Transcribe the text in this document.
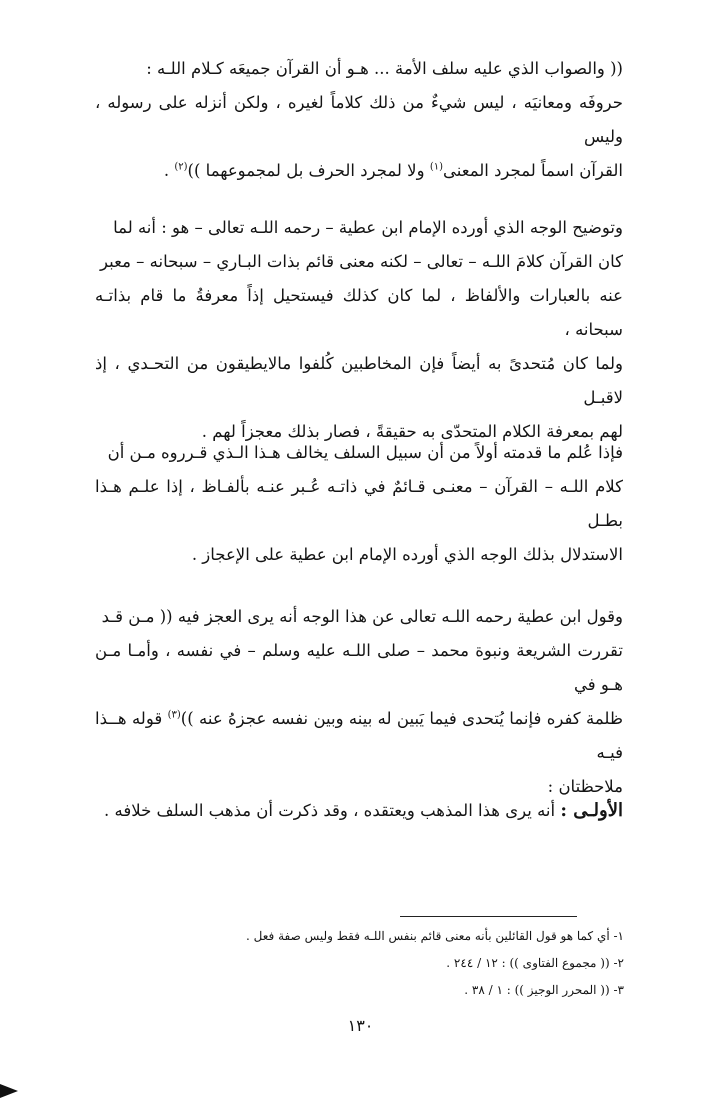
(( والصواب الذي عليه سلف الأمة ... هـو أن القرآن جميعَه كـلام اللـه :
حروفَه ومعانيَه ، ليس شيءٌ من ذلك كلاماً لغيره ، ولكن أنزله على رسوله ، وليس
القرآن اسماً لمجرد المعنى$^{(١)}$ ولا لمجرد الحرف بل لمجموعهما ))$^{(٢)}$ .

وتوضيح الوجه الذي أورده الإمام ابن عطية – رحمه اللـه تعالى – هو : أنه لما
كان القرآن كلامَ اللـه – تعالى – لكنه معنى قائم بذات البـاري – سبحانه – معبر
عنه بالعبارات والألفاظ ، لما كان كذلك فيستحيل إذاً معرفةُ ما قام بذاتـه سبحانه ،
ولما كان مُتحدىً به أيضاً فإن المخاطبين كُلفوا مالايطيقون من التحـدي ، إذ لاقبـل
لهم بمعرفة الكلام المتحدّى به حقيقةً ، فصار بذلك معجزاً لهم .

فإذا عُلم ما قدمته أولاً من أن سبيل السلف يخالف هـذا الـذي قـرروه مـن أن
كلام اللـه – القرآن – معنـى قـائمٌ في ذاتـه عُـبر عنـه بألفـاظ ، إذا علـم هـذا بطـل
الاستدلال بذلك الوجه الذي أورده الإمام ابن عطية على الإعجاز .

وقول ابن عطية رحمه اللـه تعالى عن هذا الوجه أنه يرى العجز فيه (( مـن قـد
تقررت الشريعة ونبوة محمد – صلى اللـه عليه وسلم – في نفسه ، وأمـا مـن هـو في
ظلمة كفره فإنما يُتحدى فيما يَبين له بينه وبين نفسه عجزهُ عنه ))$^{(٣)}$ قوله هــذا فيـه
ملاحظتان :

الأولـى : أنه يرى هذا المذهب ويعتقده ، وقد ذكرت أن مذهب السلف خلافه .

١- أي كما هو قول القائلين بأنه معنى قائم بنفس اللـه فقط وليس صفة فعل .
٢- (( مجموع الفتاوى )) : ١٢ / ٢٤٤ .
٣- (( المحرر الوجيز )) : ١ / ٣٨ .
١٣٠
